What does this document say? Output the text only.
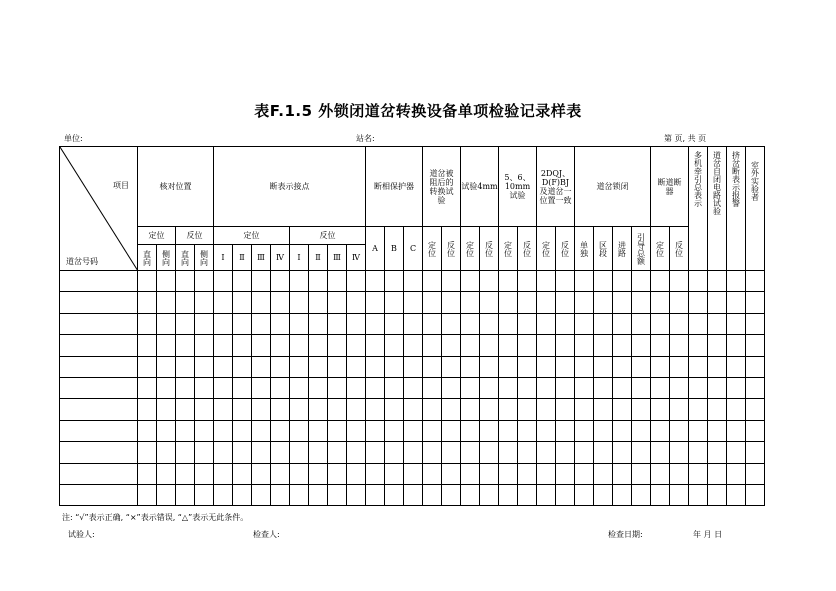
表F.1.5 外锁闭道岔转换设备单项检验记录样表
单位:	站名:	第 页, 共 页
项目
道岔号码	核对位置				断表示接点								断相保护器			道岔被阻后的转换试验		试验4mm		5、6、10mm试验		2DQJ、D(F)BJ及道岔一位置一致		道岔锁闭				断道断器		多机牵引总表示	道岔自闭电路试验	挤岔断表示报警	室外实验者

	定位		反位		定位				反位				A	B	C	定位	反位	定位	反位	定位	反位	定位	反位	单独	区段	进路	引导总额	定位	反位				

	直向	侧向	直向	侧向	Ⅰ	Ⅱ	Ⅲ	Ⅳ	Ⅰ	Ⅱ	Ⅲ	Ⅳ																					

注: “√”表示正确, “×”表示错误, “△”表示无此条件。
试验人:	检查人:	检查日期:	年 月 日
